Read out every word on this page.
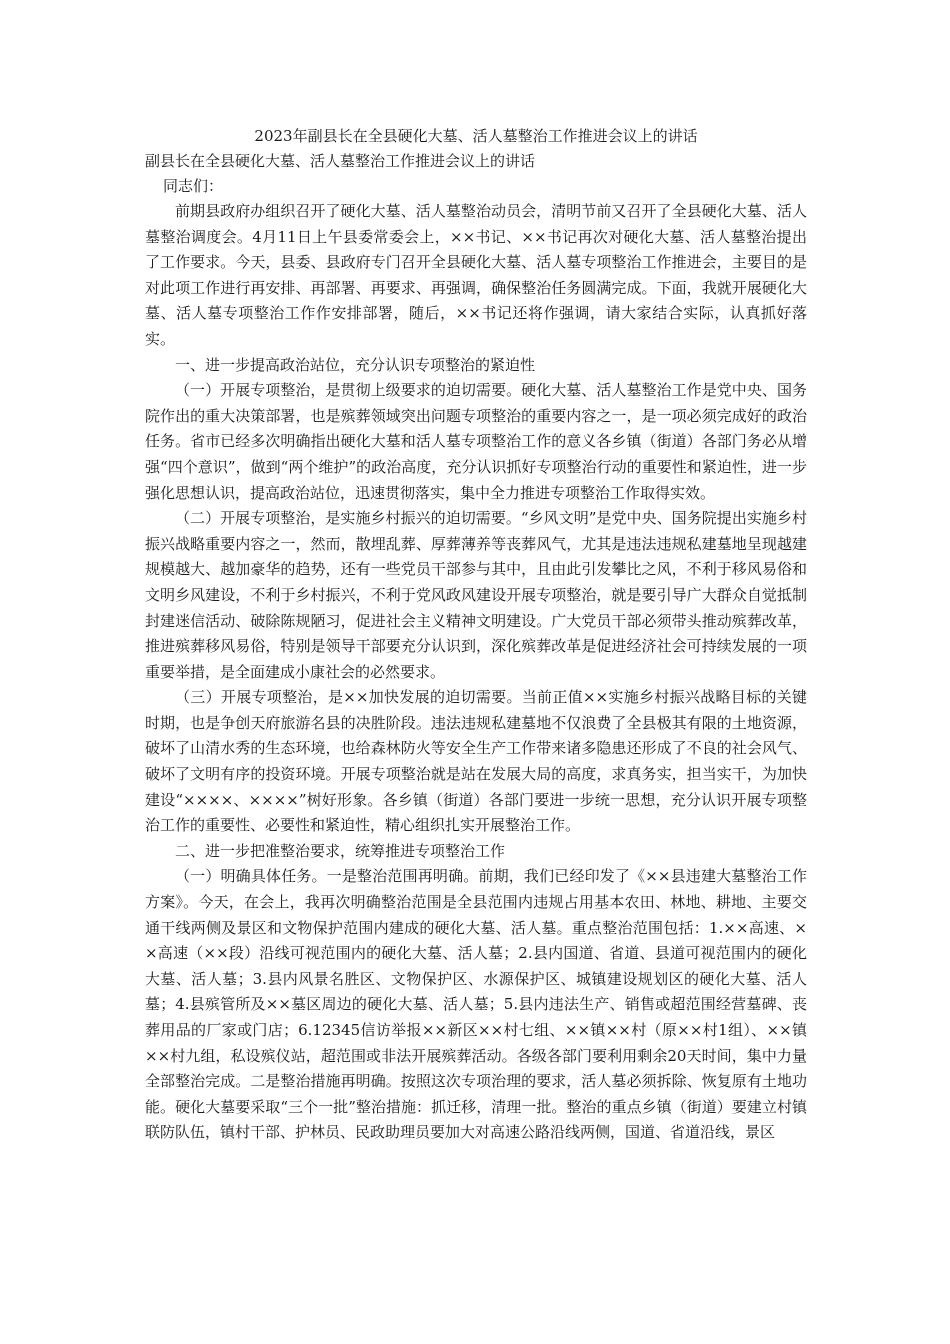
2023年副县长在全县硬化大墓、活人墓整治工作推进会议上的讲话

副县长在全县硬化大墓、活人墓整治工作推进会议上的讲话

同志们：

前期县政府办组织召开了硬化大墓、活人墓整治动员会，清明节前又召开了全县硬化大墓、活人墓整治调度会。4月11日上午县委常委会上，××书记、××书记再次对硬化大墓、活人墓整治提出了工作要求。今天，县委、县政府专门召开全县硬化大墓、活人墓专项整治工作推进会，主要目的是对此项工作进行再安排、再部署、再要求、再强调，确保整治任务圆满完成。下面，我就开展硬化大墓、活人墓专项整治工作作安排部署，随后，××书记还将作强调，请大家结合实际，认真抓好落实。

一、进一步提高政治站位，充分认识专项整治的紧迫性

（一）开展专项整治，是贯彻上级要求的迫切需要。硬化大墓、活人墓整治工作是党中央、国务院作出的重大决策部署，也是殡葬领域突出问题专项整治的重要内容之一，是一项必须完成好的政治任务。省市已经多次明确指出硬化大墓和活人墓专项整治工作的意义各乡镇（街道）各部门务必从增强“四个意识”，做到“两个维护”的政治高度，充分认识抓好专项整治行动的重要性和紧迫性，进一步强化思想认识，提高政治站位，迅速贯彻落实，集中全力推进专项整治工作取得实效。

（二）开展专项整治，是实施乡村振兴的迫切需要。“乡风文明”是党中央、国务院提出实施乡村振兴战略重要内容之一，然而，散埋乱葬、厚葬薄养等丧葬风气，尤其是违法违规私建墓地呈现越建规模越大、越加豪华的趋势，还有一些党员干部参与其中，且由此引发攀比之风，不利于移风易俗和文明乡风建设，不利于乡村振兴，不利于党风政风建设开展专项整治，就是要引导广大群众自觉抵制封建迷信活动、破除陈规陋习，促进社会主义精神文明建设。广大党员干部必须带头推动殡葬改革，推进殡葬移风易俗，特别是领导干部要充分认识到，深化殡葬改革是促进经济社会可持续发展的一项重要举措，是全面建成小康社会的必然要求。

（三）开展专项整治，是××加快发展的迫切需要。当前正值××实施乡村振兴战略目标的关键时期，也是争创天府旅游名县的决胜阶段。违法违规私建墓地不仅浪费了全县极其有限的土地资源，破坏了山清水秀的生态环境，也给森林防火等安全生产工作带来诸多隐患还形成了不良的社会风气、破坏了文明有序的投资环境。开展专项整治就是站在发展大局的高度，求真务实，担当实干，为加快建设“××××、××××”树好形象。各乡镇（街道）各部门要进一步统一思想，充分认识开展专项整治工作的重要性、必要性和紧迫性，精心组织扎实开展整治工作。

二、进一步把准整治要求，统筹推进专项整治工作

（一）明确具体任务。一是整治范围再明确。前期，我们已经印发了《××县违建大墓整治工作方案》。今天，在会上，我再次明确整治范围是全县范围内违规占用基本农田、林地、耕地、主要交通干线两侧及景区和文物保护范围内建成的硬化大墓、活人墓。重点整治范围包括：1.××高速、××高速（××段）沿线可视范围内的硬化大墓、活人墓；2.县内国道、省道、县道可视范围内的硬化大墓、活人墓；3.县内风景名胜区、文物保护区、水源保护区、城镇建设规划区的硬化大墓、活人墓；4.县殡管所及××墓区周边的硬化大墓、活人墓；5.县内违法生产、销售或超范围经营墓碑、丧葬用品的厂家或门店；6.12345信访举报××新区××村七组、××镇××村（原××村1组）、××镇××村九组，私设殡仪站，超范围或非法开展殡葬活动。各级各部门要利用剩余20天时间，集中力量全部整治完成。二是整治措施再明确。按照这次专项治理的要求，活人墓必须拆除、恢复原有土地功能。硬化大墓要采取“三个一批”整治措施：抓迁移，清理一批。整治的重点乡镇（街道）要建立村镇联防队伍，镇村干部、护林员、民政助理员要加大对高速公路沿线两侧，国道、省道沿线，景区
